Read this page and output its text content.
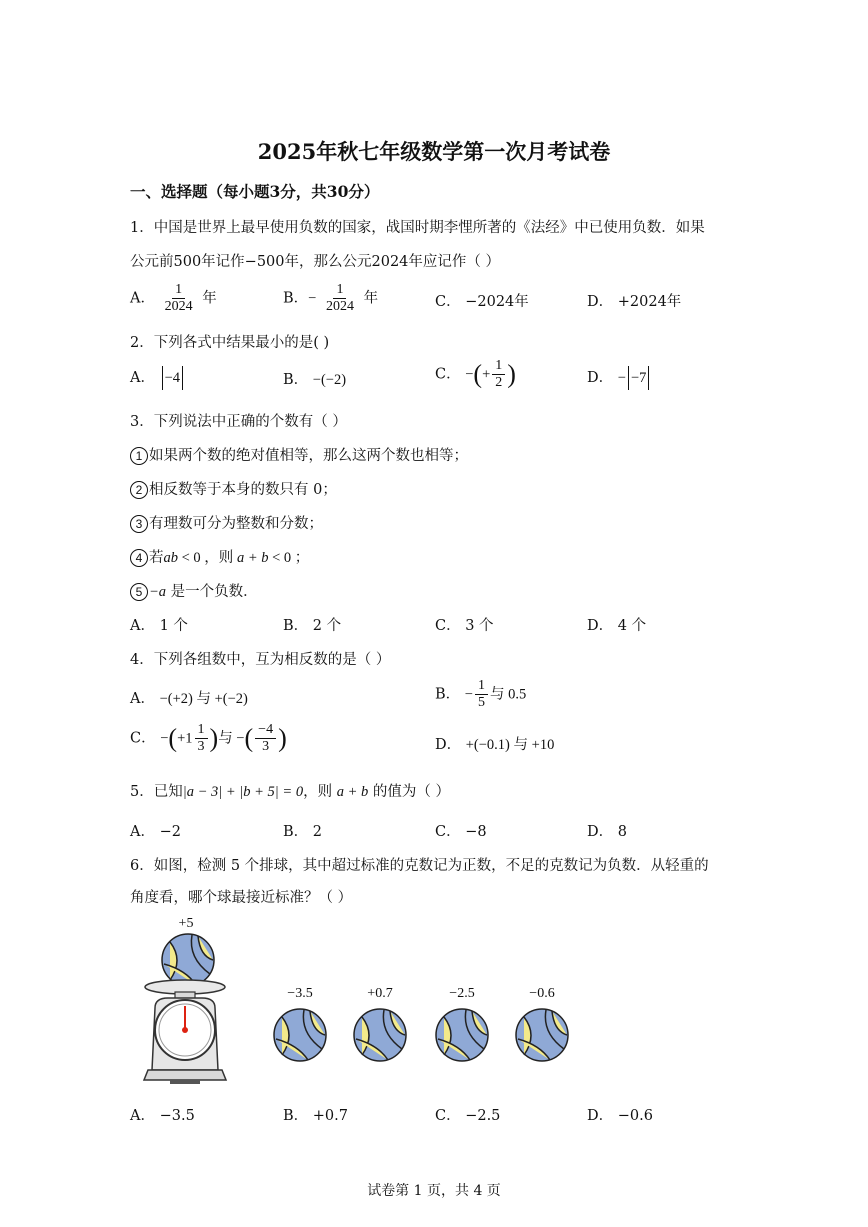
2025年秋七年级数学第一次月考试卷
一、选择题（每小题3分，共30分）
1．中国是世界上最早使用负数的国家，战国时期李悝所著的《法经》中已使用负数．如果
公元前500年记作−500年，那么公元2024年应记作（ ）
A． $\frac{1}{2024}$ 年	B．− $\frac{1}{2024}$ 年	C． −2024年	D． +2024年
2．下列各式中结果最小的是( )
A． −4	B． −(−2)	C． −(+ $\frac{1}{2}$ )	D． − −7
3．下列说法中正确的个数有（ ）
1 如果两个数的绝对值相等，那么这两个数也相等；
2 相反数等于本身的数只有 0；
3 有理数可分为整数和分数；
4 若ab < 0 ，则 a + b < 0 ；
5 −a 是一个负数．
A． 1 个	B． 2 个	C． 3 个	D． 4 个
4．下列各组数中，互为相反数的是（ ）
A． −(+2) 与 +(−2)	B． − $\frac{1}{5}$ 与 0.5
C． $-(+1 \frac{1}{3}$ )与 −( $\frac{-4}{3}$ )	D． +(−0.1) 与 +10
5．已知|a − 3| + |b + 5| = 0，则 a + b 的值为（ ）
A． −2	B． 2	C． −8	D． 8
6．如图，检测 5 个排球，其中超过标准的克数记为正数，不足的克数记为负数．从轻重的
角度看，哪个球最接近标准？（ ）
+5
−3.5	+0.7	−2.5	−0.6
A． −3.5	B． +0.7	C． −2.5	D． −0.6
试卷第 1 页，共 4 页
